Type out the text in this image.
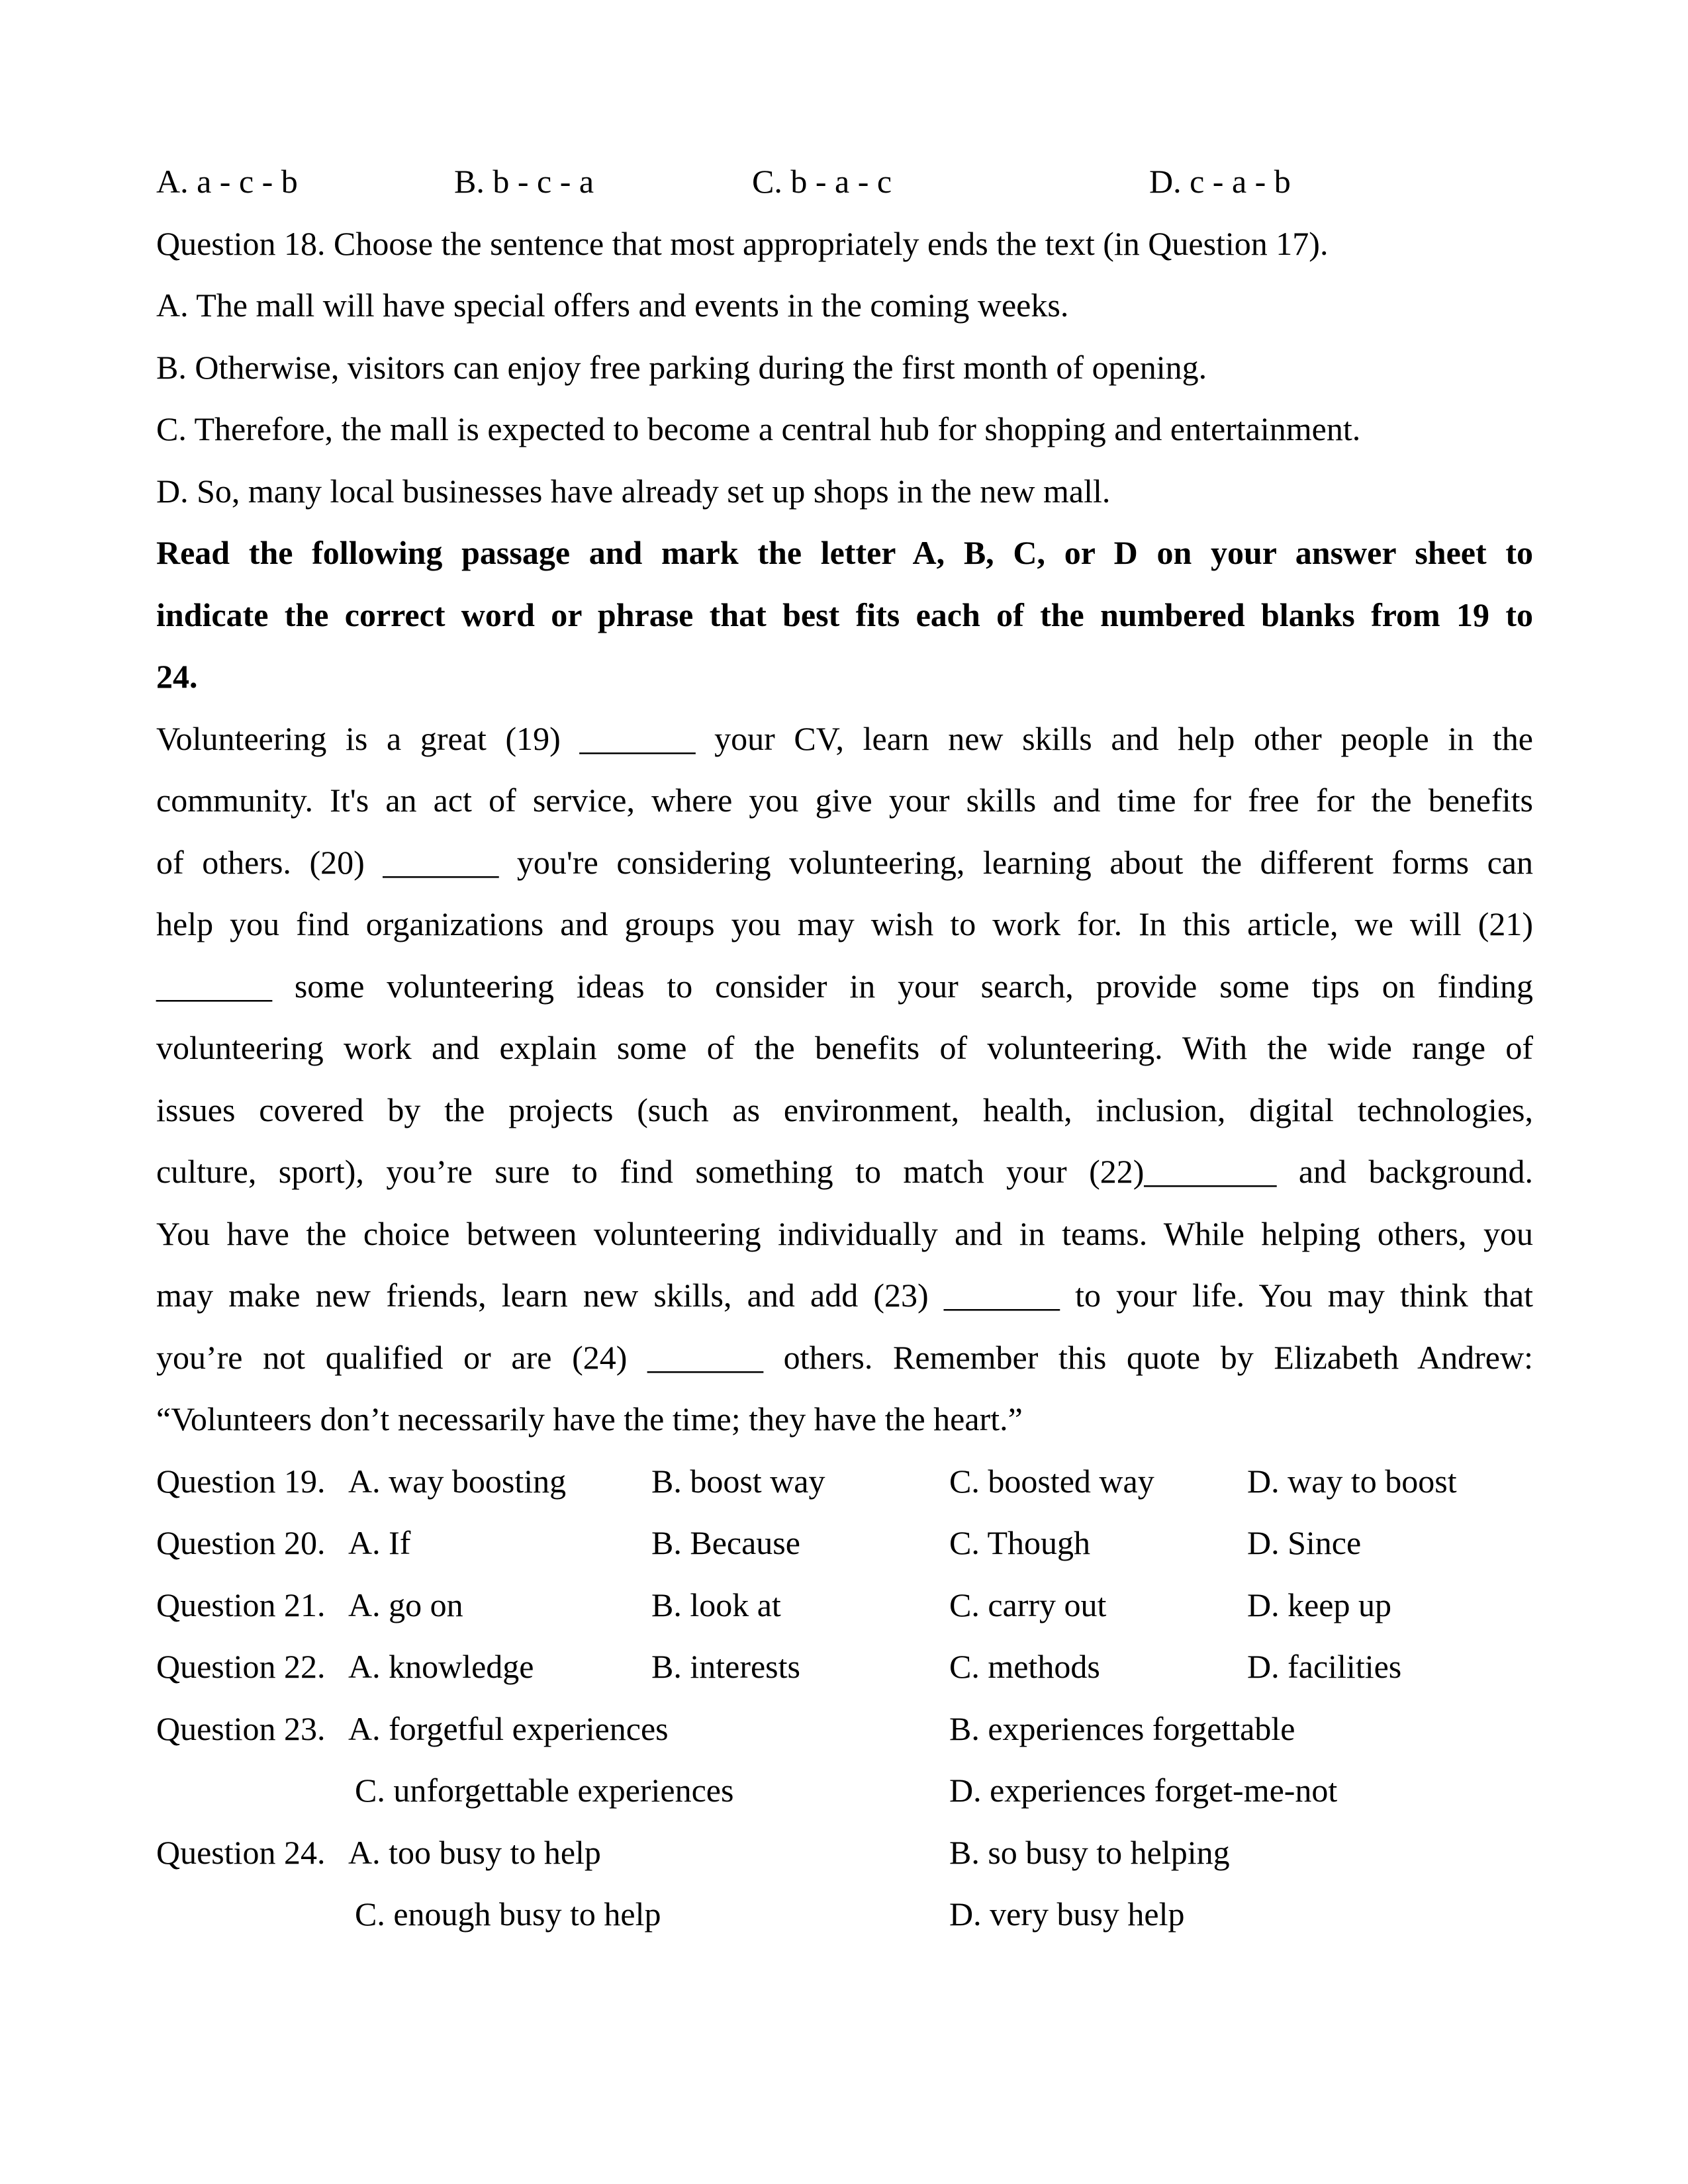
A. a - c - b	B. b - c - a	C. b - a - c	D. c - a - b
Question 18. Choose the sentence that most appropriately ends the text (in Question 17).
A. The mall will have special offers and events in the coming weeks.
B. Otherwise, visitors can enjoy free parking during the first month of opening.
C. Therefore, the mall is expected to become a central hub for shopping and entertainment.
D. So, many local businesses have already set up shops in the new mall.
Read the following passage and mark the letter A, B, C, or D on your answer sheet to
indicate the correct word or phrase that best fits each of the numbered blanks from 19 to
24.
Volunteering is a great (19) _______ your CV, learn new skills and help other people in the
community. It's an act of service, where you give your skills and time for free for the benefits
of others. (20) _______ you're considering volunteering, learning about the different forms can
help you find organizations and groups you may wish to work for. In this article, we will (21)
_______ some volunteering ideas to consider in your search, provide some tips on finding
volunteering work and explain some of the benefits of volunteering. With the wide range of
issues covered by the projects (such as environment, health, inclusion, digital technologies,
culture, sport), you’re sure to find something to match your (22)________ and background.
You have the choice between volunteering individually and in teams. While helping others, you
may make new friends, learn new skills, and add (23) _______ to your life. You may think that
you’re not qualified or are (24) _______ others. Remember this quote by Elizabeth Andrew:
“Volunteers don’t necessarily have the time; they have the heart.”
Question 19. A. way boosting	B. boost way	C. boosted way	D. way to boost
Question 20. A. If	B. Because	C. Though	D. Since
Question 21. A. go on	B. look at	C. carry out	D. keep up
Question 22. A. knowledge	B. interests	C. methods	D. facilities
Question 23. A. forgetful experiences	B. experiences forgettable
C. unforgettable experiences	D. experiences forget-me-not
Question 24. A. too busy to help	B. so busy to helping
C. enough busy to help	D. very busy help
